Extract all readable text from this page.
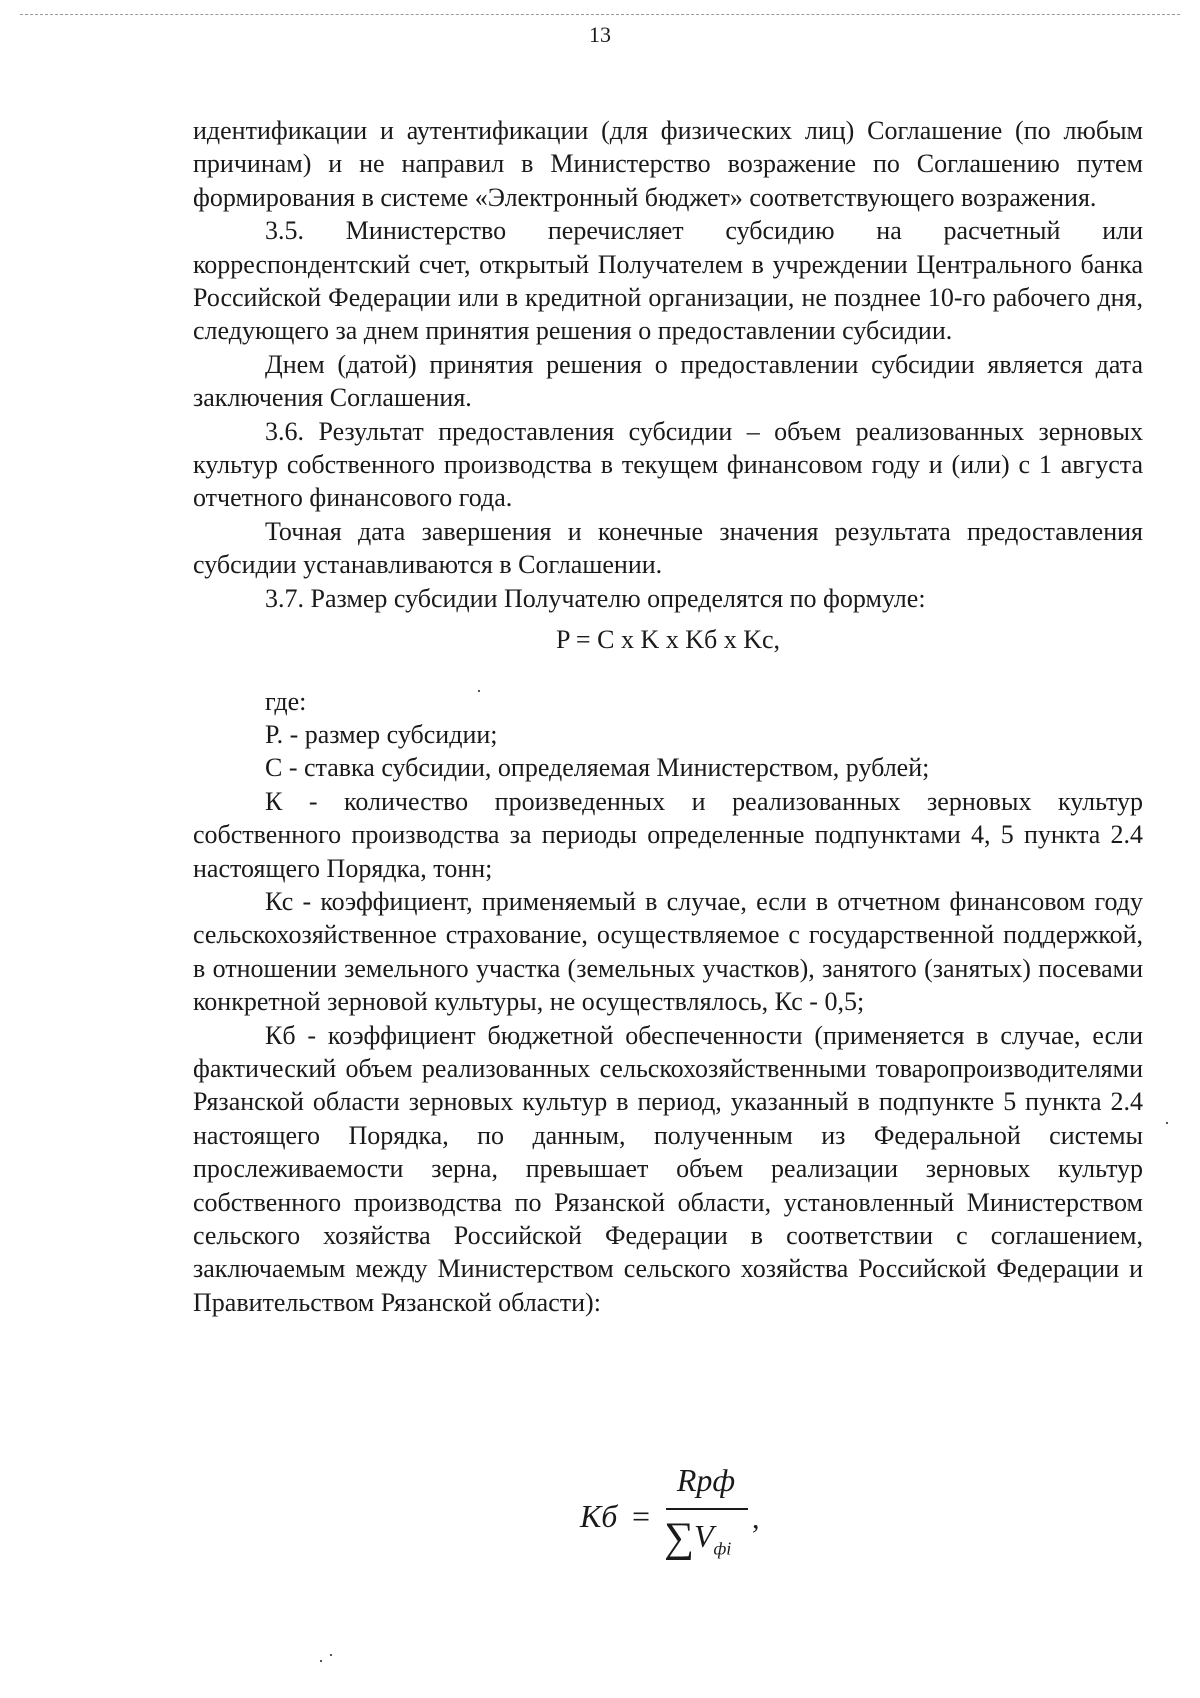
13

идентификации и аутентификации (для физических лиц) Соглашение (по любым причинам) и не направил в Министерство возражение по Соглашению путем формирования в системе «Электронный бюджет» соответствующего возражения.

3.5. Министерство перечисляет субсидию на расчетный или корреспондентский счет, открытый Получателем в учреждении Центрального банка Российской Федерации или в кредитной организации, не позднее 10-го рабочего дня, следующего за днем принятия решения о предоставлении субсидии.

Днем (датой) принятия решения о предоставлении субсидии является дата заключения Соглашения.

3.6. Результат предоставления субсидии – объем реализованных зерновых культур собственного производства в текущем финансовом году и (или) с 1 августа отчетного финансового года.

Точная дата завершения и конечные значения результата предоставления субсидии устанавливаются в Соглашении.

3.7. Размер субсидии Получателю определятся по формуле:

P = C x K x Kб x Kс,

где:

P. - размер субсидии;

С - ставка субсидии, определяемая Министерством, рублей;

К - количество произведенных и реализованных зерновых культур собственного производства за периоды определенные подпунктами 4, 5 пункта 2.4 настоящего Порядка, тонн;

Кс - коэффициент, применяемый в случае, если в отчетном финансовом году сельскохозяйственное страхование, осуществляемое с государственной поддержкой, в отношении земельного участка (земельных участков), занятого (занятых) посевами конкретной зерновой культуры, не осуществлялось, Кс - 0,5;

Кб - коэффициент бюджетной обеспеченности (применяется в случае, если фактический объем реализованных сельскохозяйственными товаропроизводителями Рязанской области зерновых культур в период, указанный в подпункте 5 пункта 2.4 настоящего Порядка, по данным, полученным из Федеральной системы прослеживаемости зерна, превышает объем реализации зерновых культур собственного производства по Рязанской области, установленный Министерством сельского хозяйства Российской Федерации в соответствии с соглашением, заключаемым между Министерством сельского хозяйства Российской Федерации и Правительством Рязанской области):

Кб =
Rрф
$\sum V_{фi}$
,
